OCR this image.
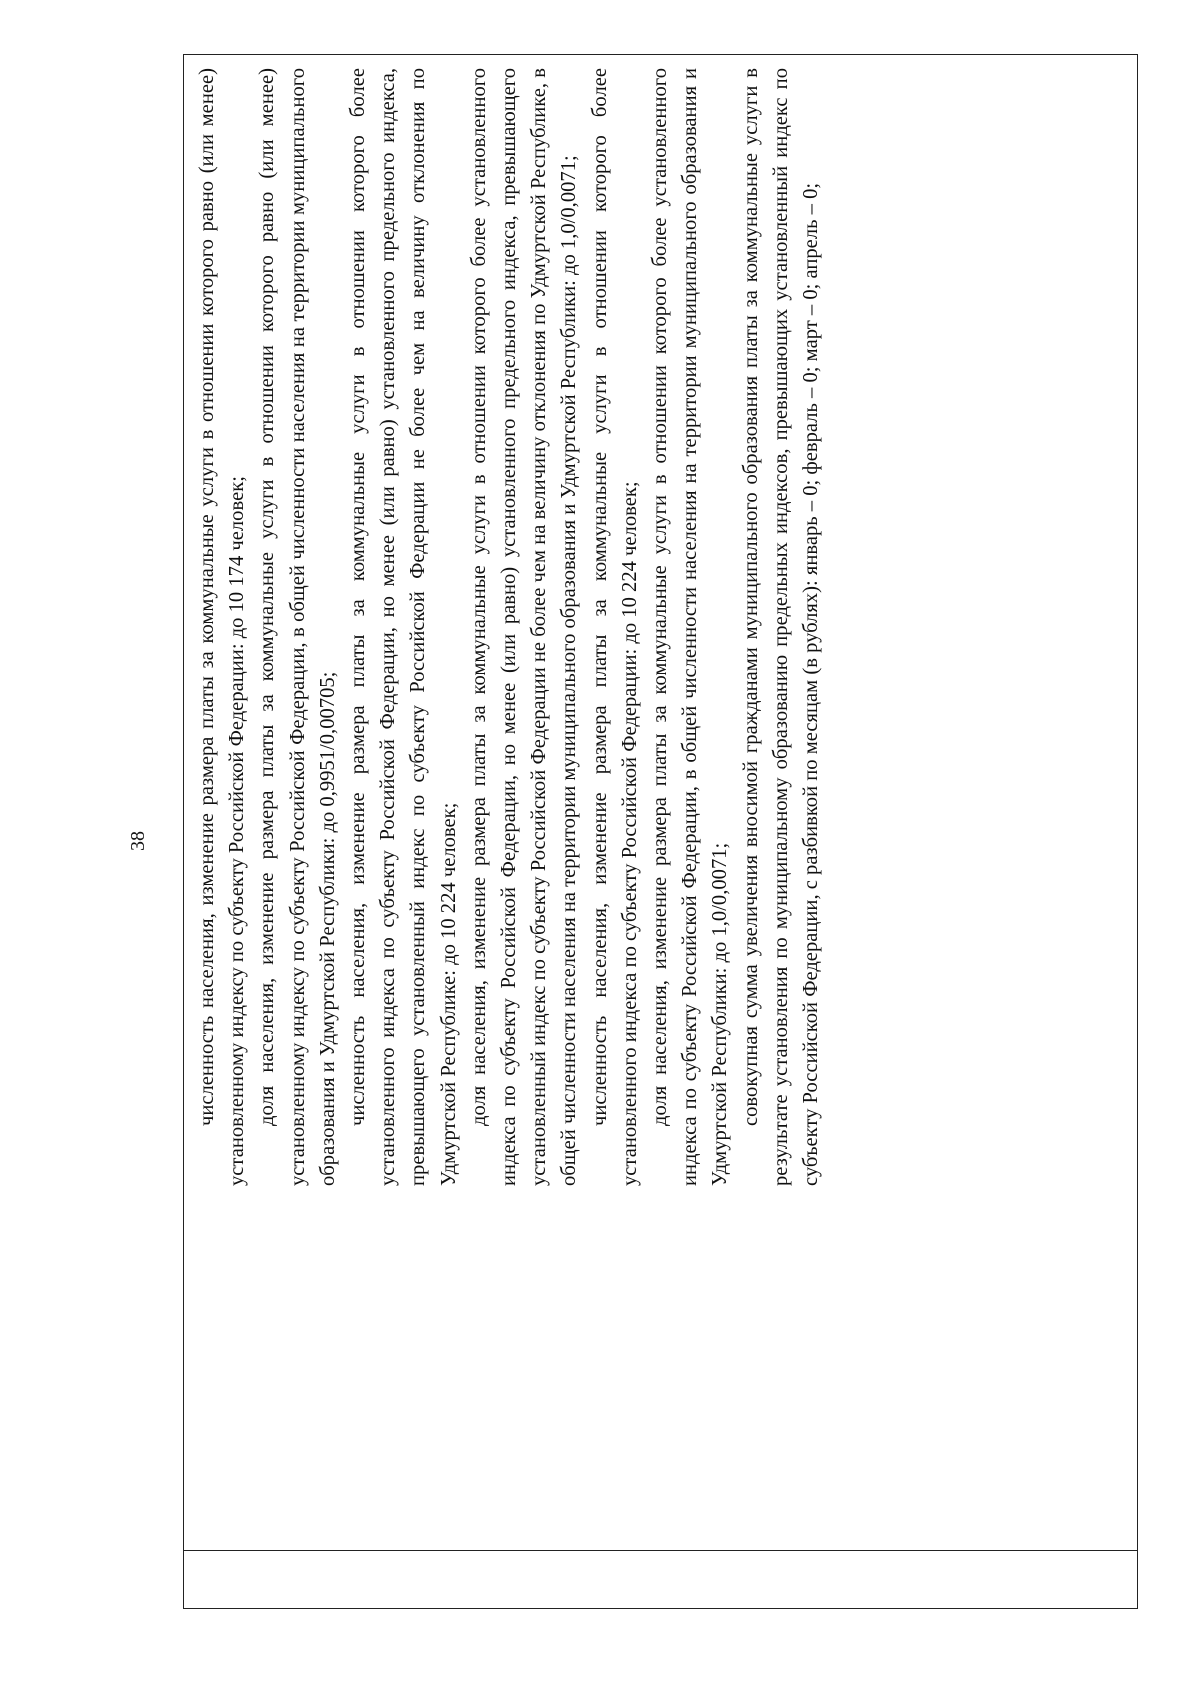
38 численность населения, изменение размера платы за коммунальные услуги в отношении которого равно (или менее) установленному индексу по субъекту Российской Федерации: до 10 174 человек; доля населения, изменение размера платы за коммунальные услуги в отношении которого равно (или менее) установленному индексу по субъекту Российской Федерации, в общей численности населения на территории муниципального образования и Удмуртской Республики: до 0,9951/0,00705; численность населения, изменение размера платы за коммунальные услуги в отношении которого более установленного индекса по субъекту Российской Федерации, но менее (или равно) установленного предельного индекса, превышающего установленный индекс по субъекту Российской Федерации не более чем на величину отклонения по Удмуртской Республике: до 10 224 человек; доля населения, изменение размера платы за коммунальные услуги в отношении которого более установленного индекса по субъекту Российской Федерации, но менее (или равно) установленного предельного индекса, превышающего установленный индекс по субъекту Российской Федерации не более чем на величину отклонения по Удмуртской Республике, в общей численности населения на территории муниципального образования и Удмуртской Республики: до 1,0/0,0071; численность населения, изменение размера платы за коммунальные услуги в отношении которого более установленного индекса по субъекту Российской Федерации: до 10 224 человек; доля населения, изменение размера платы за коммунальные услуги в отношении которого более установленного индекса по субъекту Российской Федерации, в общей численности населения на территории муниципального образования и Удмуртской Республики: до 1,0/0,0071; совокупная сумма увеличения вносимой гражданами муниципального образования платы за коммунальные услуги в результате установления по муниципальному образованию предельных индексов, превышающих установленный индекс по субъекту Российской Федерации, с разбивкой по месяцам (в рублях): январь – 0; февраль – 0; март – 0; апрель – 0;
